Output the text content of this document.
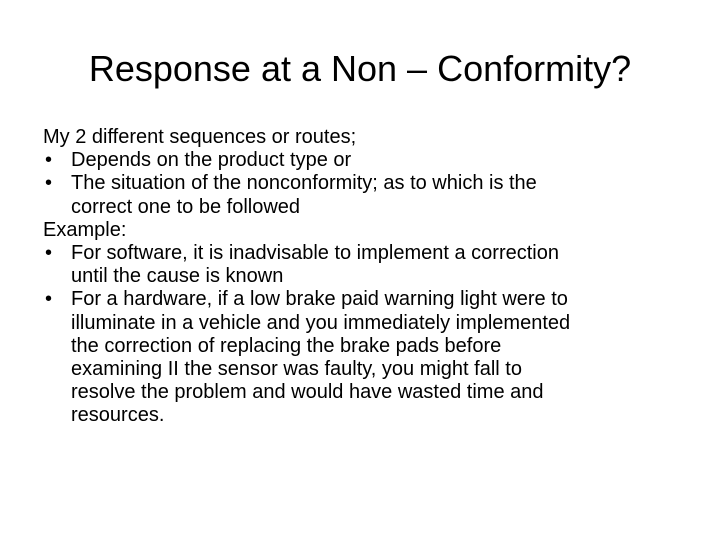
Response at a Non – Conformity?
My 2 different sequences or routes;
• Depends on the product type or
• The situation of the nonconformity; as to which is the
correct one to be followed
Example:
• For software, it is inadvisable to implement a correction
until the cause is known
• For a hardware, if a low brake paid warning light were to
illuminate in a vehicle and you immediately implemented
the correction of replacing the brake pads before
examining II the sensor was faulty, you might fall to
resolve the problem and would have wasted time and
resources.
